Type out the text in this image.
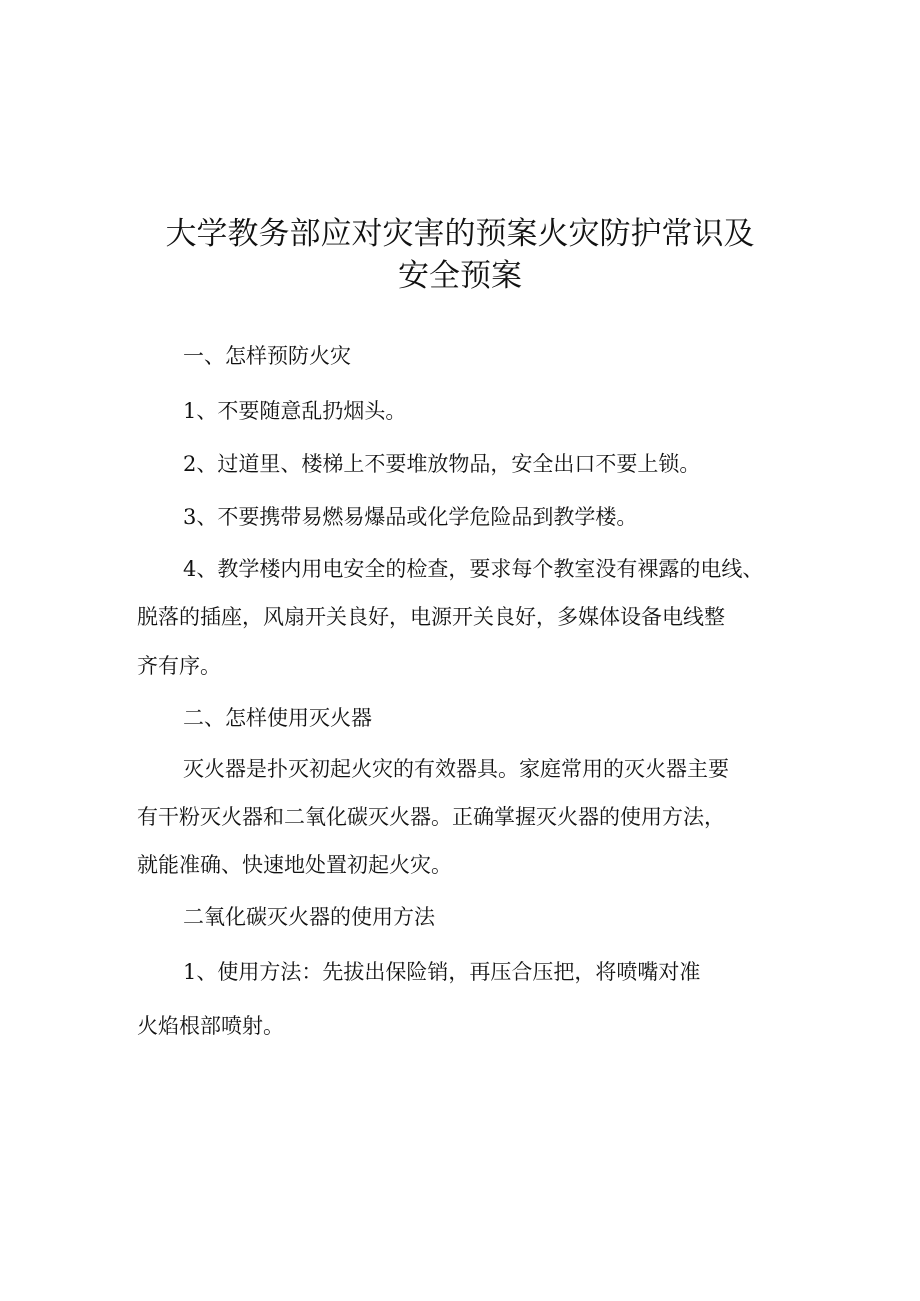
大学教务部应对灾害的预案火灾防护常识及
安全预案
一、怎样预防火灾
1、不要随意乱扔烟头。
2、过道里、楼梯上不要堆放物品，安全出口不要上锁。
3、不要携带易燃易爆品或化学危险品到教学楼。
4、教学楼内用电安全的检查，要求每个教室没有裸露的电线、
脱落的插座，风扇开关良好，电源开关良好，多媒体设备电线整
齐有序。
二、怎样使用灭火器
灭火器是扑灭初起火灾的有效器具。家庭常用的灭火器主要
有干粉灭火器和二氧化碳灭火器。正确掌握灭火器的使用方法，
就能准确、快速地处置初起火灾。
二氧化碳灭火器的使用方法
1、使用方法：先拔出保险销，再压合压把，将喷嘴对准
火焰根部喷射。
